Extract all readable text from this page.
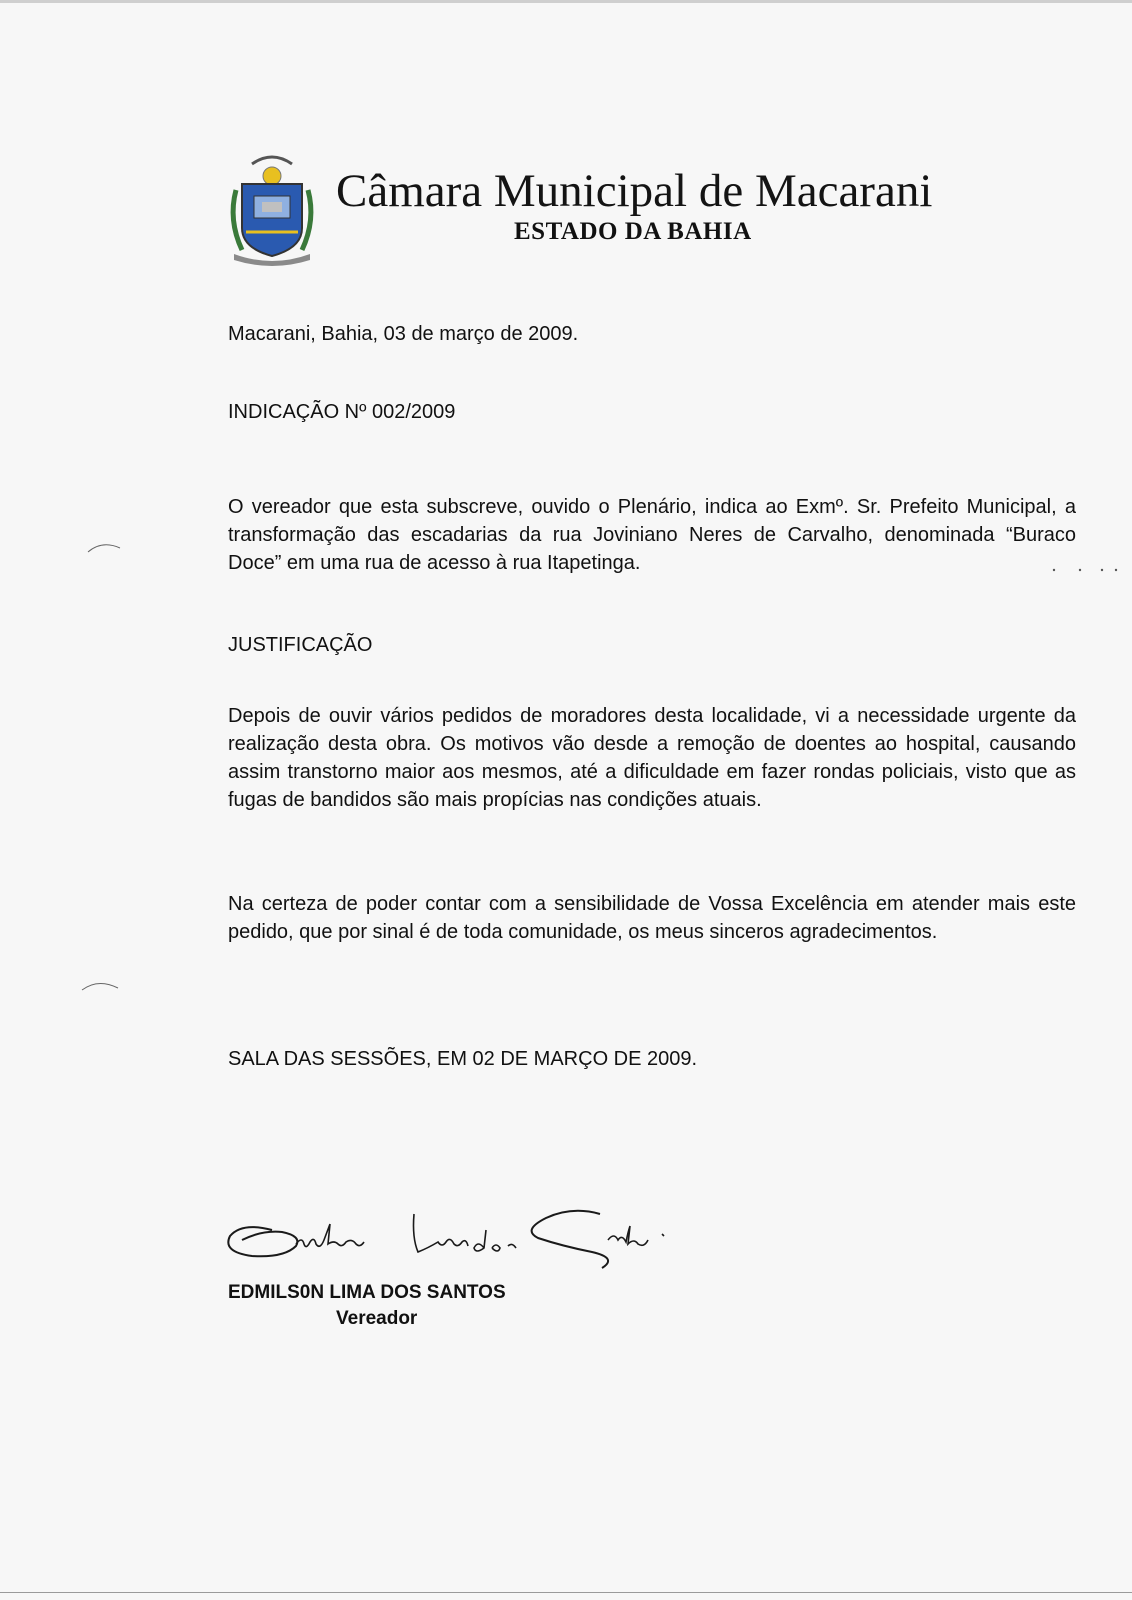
Câmara Municipal de Macarani
ESTADO DA BAHIA
Macarani, Bahia, 03 de março de 2009.
INDICAÇÃO Nº 002/2009
O vereador que esta subscreve, ouvido o Plenário, indica ao Exmº. Sr. Prefeito Municipal, a transformação das escadarias da rua Joviniano Neres de Carvalho, denominada “Buraco Doce” em uma rua de acesso à rua Itapetinga.
JUSTIFICAÇÃO
Depois de ouvir vários pedidos de moradores desta localidade, vi a necessidade urgente da realização desta obra. Os motivos vão desde a remoção de doentes ao hospital, causando assim transtorno maior aos mesmos, até a dificuldade em fazer rondas policiais, visto que as fugas de bandidos são mais propícias nas condições atuais.
Na certeza de poder contar com a sensibilidade de Vossa Excelência em atender mais este pedido, que por sinal é de toda comunidade, os meus sinceros agradecimentos.
SALA DAS SESSÕES, EM 02 DE MARÇO DE 2009.
EDMILS0N LIMA DOS SANTOS
Vereador
